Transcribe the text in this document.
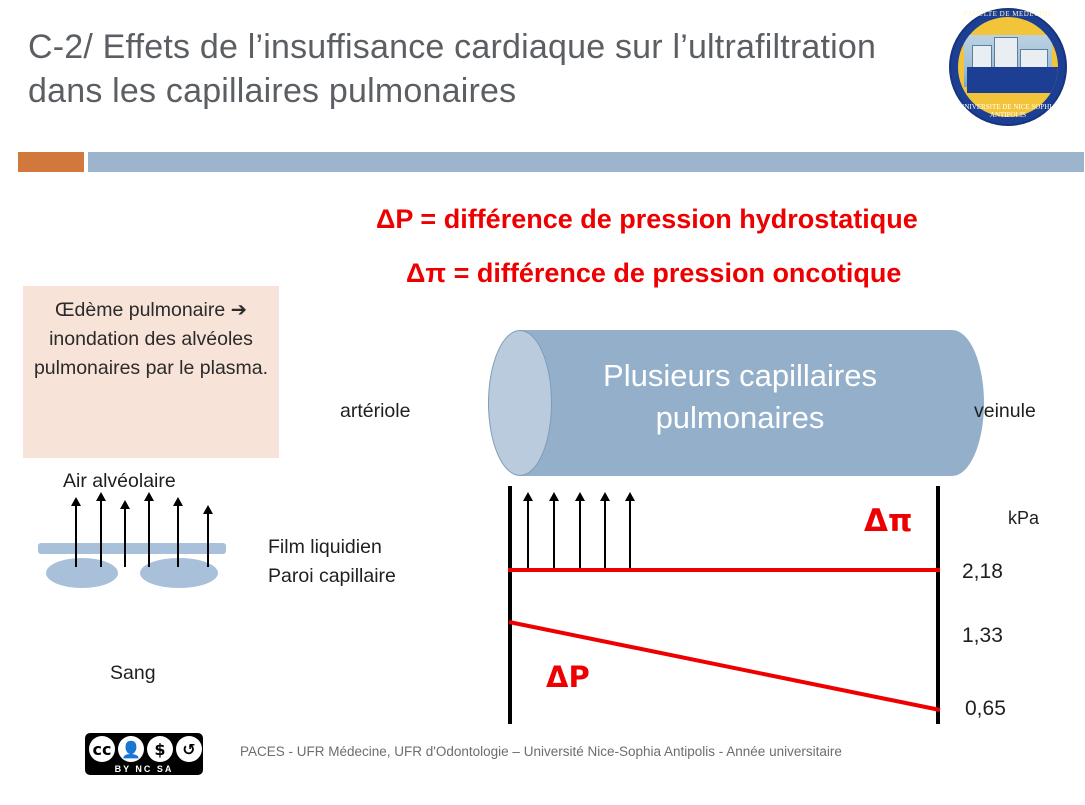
C-2/ Effets de l’insuffisance cardiaque sur l’ultrafiltration dans les capillaires pulmonaires
FACULTE DE MEDECINE
UNIVERSITE DE NICE SOPHIA ANTIPOLIS
ΔP = différence de pression hydrostatique
Δπ = différence de pression oncotique
Œdème pulmonaire ➔ inondation des alvéoles pulmonaires par le plasma.
Air alvéolaire
Sang
Film liquidien
Paroi capillaire
Plusieurs capillaires pulmonaires
artériole	veinule
Δπ
ΔP
kPa
2,18
1,33
0,65
cc 👤 $	↺
BY NC SA
PACES - UFR Médecine, UFR d'Odontologie – Université Nice-Sophia Antipolis - Année universitaire
